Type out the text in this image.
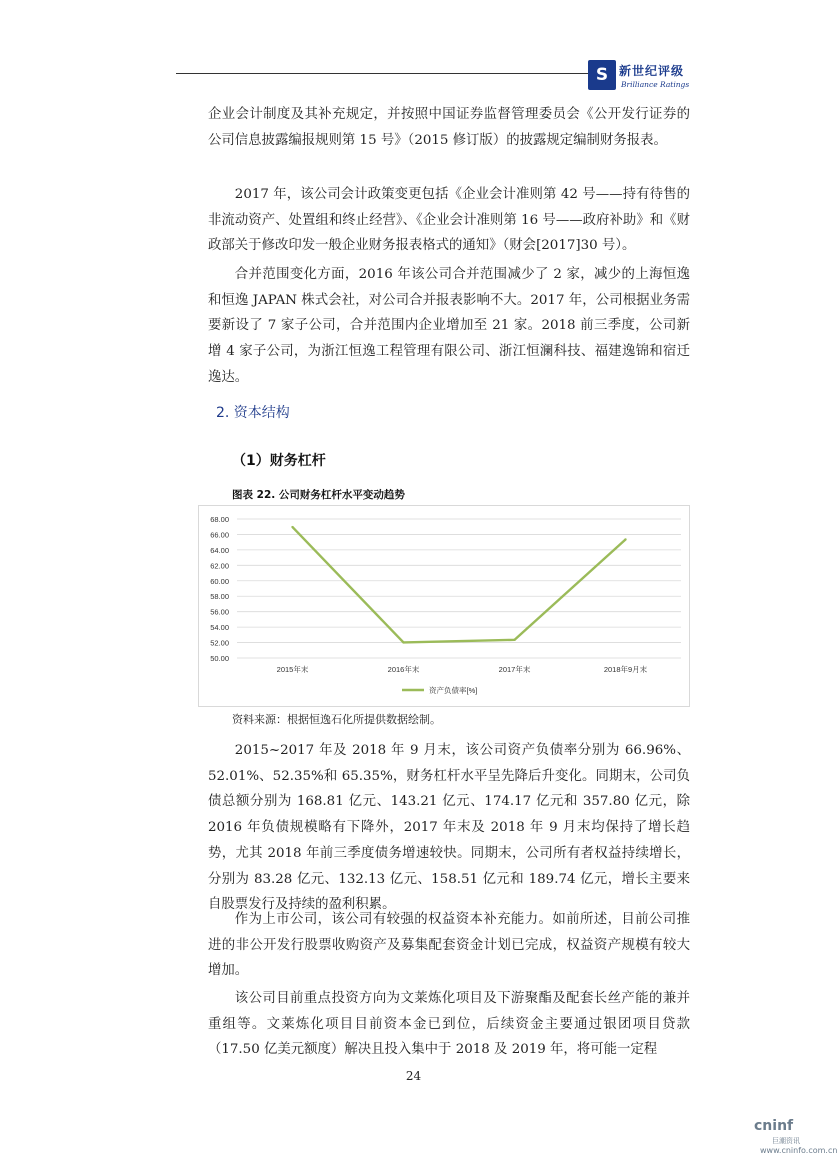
S 新世纪评级
Brilliance Ratings

企业会计制度及其补充规定，并按照中国证券监督管理委员会《公开发行证券的公司信息披露编报规则第 15 号》（2015 修订版）的披露规定编制财务报表。

2017 年，该公司会计政策变更包括《企业会计准则第 42 号——持有待售的非流动资产、处置组和终止经营》、《企业会计准则第 16 号——政府补助》和《财政部关于修改印发一般企业财务报表格式的通知》（财会[2017]30 号）。

合并范围变化方面，2016 年该公司合并范围减少了 2 家，减少的上海恒逸和恒逸 JAPAN 株式会社，对公司合并报表影响不大。2017 年，公司根据业务需要新设了 7 家子公司，合并范围内企业增加至 21 家。2018 前三季度，公司新增 4 家子公司，为浙江恒逸工程管理有限公司、浙江恒澜科技、福建逸锦和宿迁逸达。

2. 资本结构
（1）财务杠杆
图表 22. 公司财务杠杆水平变动趋势
50.00
52.00
54.00
56.00
58.00
60.00
62.00
64.00
66.00
68.00
2015年末	2016年末	2017年末	2018年9月末
资产负债率[%]
资料来源：根据恒逸石化所提供数据绘制。

2015~2017 年及 2018 年 9 月末，该公司资产负债率分别为 66.96%、52.01%、52.35%和 65.35%，财务杠杆水平呈先降后升变化。同期末，公司负债总额分别为 168.81 亿元、143.21 亿元、174.17 亿元和 357.80 亿元，除 2016 年负债规模略有下降外，2017 年末及 2018 年 9 月末均保持了增长趋势，尤其 2018 年前三季度债务增速较快。同期末，公司所有者权益持续增长，分别为 83.28 亿元、132.13 亿元、158.51 亿元和 189.74 亿元，增长主要来自股票发行及持续的盈利积累。

作为上市公司，该公司有较强的权益资本补充能力。如前所述，目前公司推进的非公开发行股票收购资产及募集配套资金计划已完成，权益资产规模有较大增加。

该公司目前重点投资方向为文莱炼化项目及下游聚酯及配套长丝产能的兼并重组等。文莱炼化项目目前资本金已到位，后续资金主要通过银团项目贷款（17.50 亿美元额度）解决且投入集中于 2018 及 2019 年，将可能一定程

24
cninf
巨潮资讯
www.cninfo.com.cn
